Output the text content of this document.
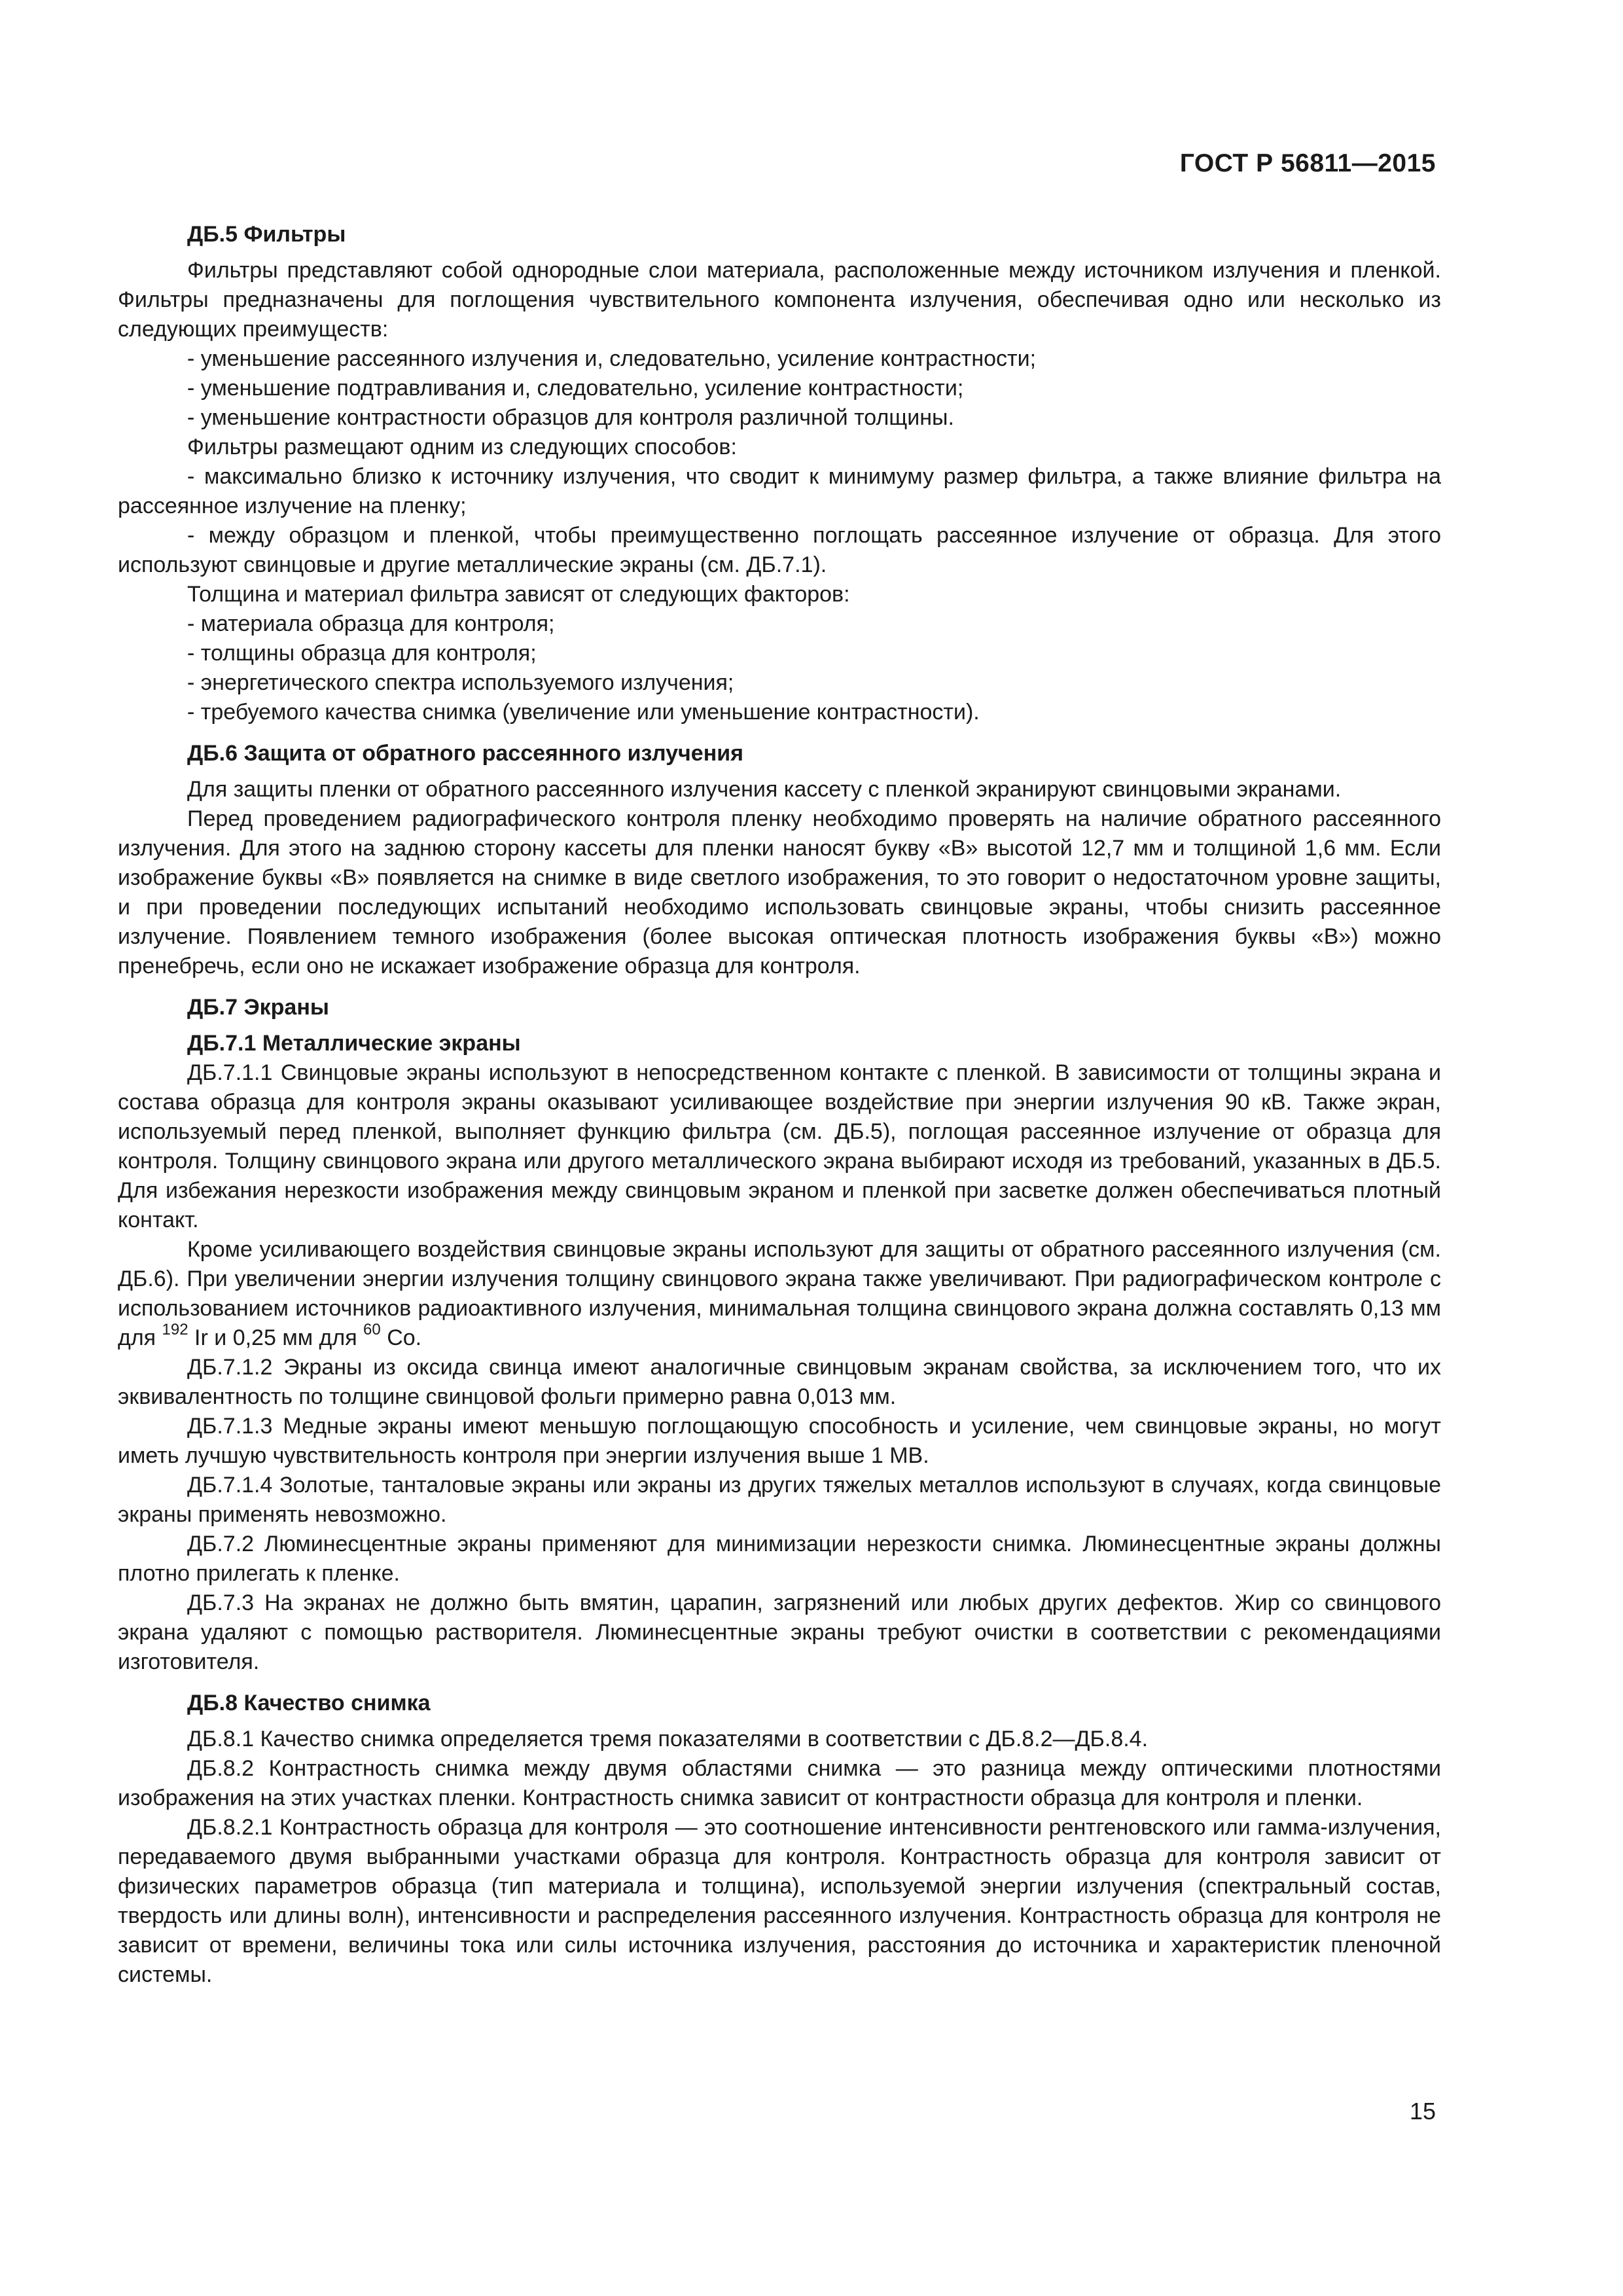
ГОСТ Р 56811—2015
ДБ.5 Фильтры

Фильтры представляют собой однородные слои материала, расположенные между источником излучения и пленкой. Фильтры предназначены для поглощения чувствительного компонента излучения, обеспечивая одно или несколько из следующих преимуществ:

- уменьшение рассеянного излучения и, следовательно, усиление контрастности;

- уменьшение подтравливания и, следовательно, усиление контрастности;

- уменьшение контрастности образцов для контроля различной толщины.

Фильтры размещают одним из следующих способов:

- максимально близко к источнику излучения, что сводит к минимуму размер фильтра, а также влияние фильтра на рассеянное излучение на пленку;

- между образцом и пленкой, чтобы преимущественно поглощать рассеянное излучение от образца. Для этого используют свинцовые и другие металлические экраны (см. ДБ.7.1).

Толщина и материал фильтра зависят от следующих факторов:

- материала образца для контроля;

- толщины образца для контроля;

- энергетического спектра используемого излучения;

- требуемого качества снимка (увеличение или уменьшение контрастности).

ДБ.6 Защита от обратного рассеянного излучения

Для защиты пленки от обратного рассеянного излучения кассету с пленкой экранируют свинцовыми экранами.

Перед проведением радиографического контроля пленку необходимо проверять на наличие обратного рассеянного излучения. Для этого на заднюю сторону кассеты для пленки наносят букву «В» высотой 12,7 мм и толщиной 1,6 мм. Если изображение буквы «В» появляется на снимке в виде светлого изображения, то это говорит о недостаточном уровне защиты, и при проведении последующих испытаний необходимо использовать свинцовые экраны, чтобы снизить рассеянное излучение. Появлением темного изображения (более высокая оптическая плотность изображения буквы «В») можно пренебречь, если оно не искажает изображение образца для контроля.

ДБ.7 Экраны
ДБ.7.1 Металлические экраны

ДБ.7.1.1 Свинцовые экраны используют в непосредственном контакте с пленкой. В зависимости от толщины экрана и состава образца для контроля экраны оказывают усиливающее воздействие при энергии излучения 90 кВ. Также экран, используемый перед пленкой, выполняет функцию фильтра (см. ДБ.5), поглощая рассеянное излучение от образца для контроля. Толщину свинцового экрана или другого металлического экрана выбирают исходя из требований, указанных в ДБ.5. Для избежания нерезкости изображения между свинцовым экраном и пленкой при засветке должен обеспечиваться плотный контакт.

Кроме усиливающего воздействия свинцовые экраны используют для защиты от обратного рассеянного излучения (см. ДБ.6). При увеличении энергии излучения толщину свинцового экрана также увеличивают. При радиографическом контроле с использованием источников радиоактивного излучения, минимальная толщина свинцового экрана должна составлять 0,13 мм для $^{192}$ Ir и 0,25 мм для $^{60}$ Co.

ДБ.7.1.2 Экраны из оксида свинца имеют аналогичные свинцовым экранам свойства, за исключением того, что их эквивалентность по толщине свинцовой фольги примерно равна 0,013 мм.

ДБ.7.1.3 Медные экраны имеют меньшую поглощающую способность и усиление, чем свинцовые экраны, но могут иметь лучшую чувствительность контроля при энергии излучения выше 1 МВ.

ДБ.7.1.4 Золотые, танталовые экраны или экраны из других тяжелых металлов используют в случаях, когда свинцовые экраны применять невозможно.

ДБ.7.2 Люминесцентные экраны применяют для минимизации нерезкости снимка. Люминесцентные экраны должны плотно прилегать к пленке.

ДБ.7.3 На экранах не должно быть вмятин, царапин, загрязнений или любых других дефектов. Жир со свинцового экрана удаляют с помощью растворителя. Люминесцентные экраны требуют очистки в соответствии с рекомендациями изготовителя.

ДБ.8 Качество снимка

ДБ.8.1 Качество снимка определяется тремя показателями в соответствии с ДБ.8.2—ДБ.8.4.

ДБ.8.2 Контрастность снимка между двумя областями снимка — это разница между оптическими плотностями изображения на этих участках пленки. Контрастность снимка зависит от контрастности образца для контроля и пленки.

ДБ.8.2.1 Контрастность образца для контроля — это соотношение интенсивности рентгеновского или гамма-излучения, передаваемого двумя выбранными участками образца для контроля. Контрастность образца для контроля зависит от физических параметров образца (тип материала и толщина), используемой энергии излучения (спектральный состав, твердость или длины волн), интенсивности и распределения рассеянного излучения. Контрастность образца для контроля не зависит от времени, величины тока или силы источника излучения, расстояния до источника и характеристик пленочной системы.

15
